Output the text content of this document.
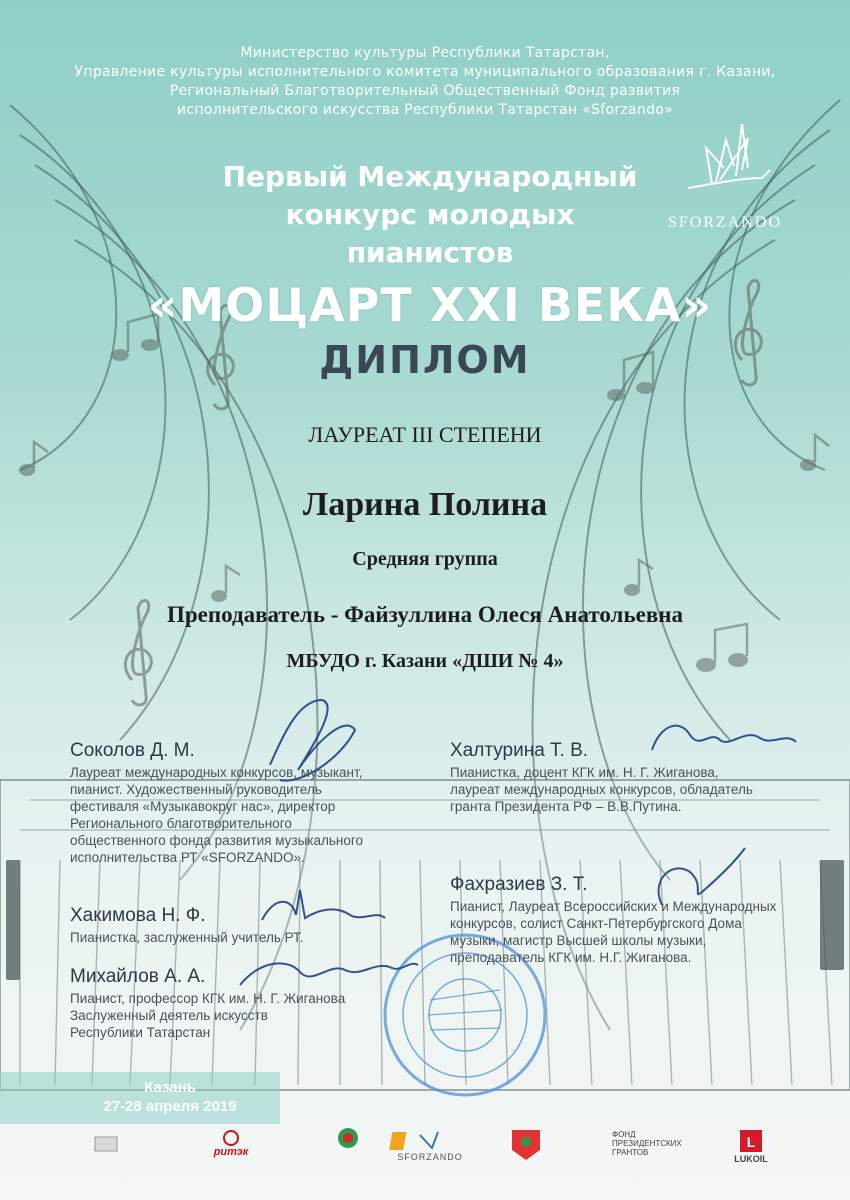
L
Министерство культуры Республики Татарстан,
Управление культуры исполнительного комитета муниципального образования г. Казани,
Региональный Благотворительный Общественный Фонд развития
исполнительского искусства Республики Татарстан «Sforzando»
SFORZANDO
Первый Международный
конкурс молодых
пианистов
«МОЦАРТ XXI ВЕКА»
ДИПЛОМ
ЛАУРЕАТ III СТЕПЕНИ
Ларина Полина
Средняя группа
Преподаватель - Файзуллина Олеся Анатольевна
МБУДО г. Казани «ДШИ № 4»
Соколов Д. М.
Лауреат международных конкурсов, музыкант,
пианист. Художественный руководитель
фестиваля «Музыкавокруг нас», директор
Регионального благотворительного
общественного фонда развития музыкального
исполнительства РТ «SFORZANDO».
Халтурина Т. В.
Пианистка, доцент КГК им. Н. Г. Жиганова,
лауреат международных конкурсов, обладатель
гранта Президента РФ – В.В.Путина.
Фахразиев З. Т.
Пианист, Лауреат Всероссийских и Международных
конкурсов, солист Санкт-Петербургского Дома
музыки, магистр Высшей школы музыки,
преподаватель КГК им. Н.Г. Жиганова.
Хакимова Н. Ф.
Пианистка, заслуженный учитель РТ.
Михайлов А. А.
Пианист, профессор КГК им. Н. Г. Жиганова
Заслуженный деятель искусств
Республики Татарстан
Казань
27-28 апреля 2019
ритэк	SFORZANDO
ФОНД
ПРЕЗИДЕНТСКИХ
ГРАНТОВ
LUKOIL
